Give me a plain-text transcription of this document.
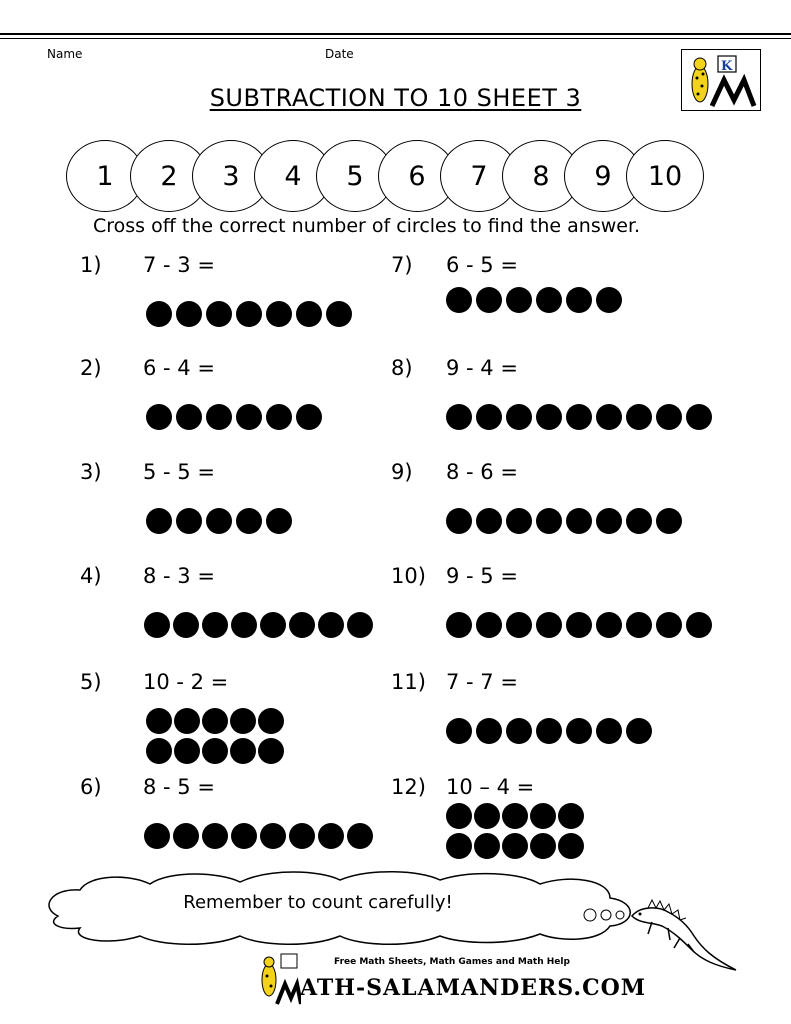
Name	Date
K
SUBTRACTION TO 10 SHEET 3
1	2	3	4	5	6	7	8	9	10
Cross off the correct number of circles to find the answer.
1) 7 - 3 =
2) 6 - 4 =
3) 5 - 5 =
4) 8 - 3 =
5) 10 - 2 =
6) 8 - 5 =
7) 6 - 5 =
8) 9 - 4 =
9) 8 - 6 =
10) 9 - 5 =
11) 7 - 7 =
12) 10 – 4 =
Remember to count carefully!
Free Math Sheets, Math Games and Math Help
ATH-SALAMANDERS.COM
